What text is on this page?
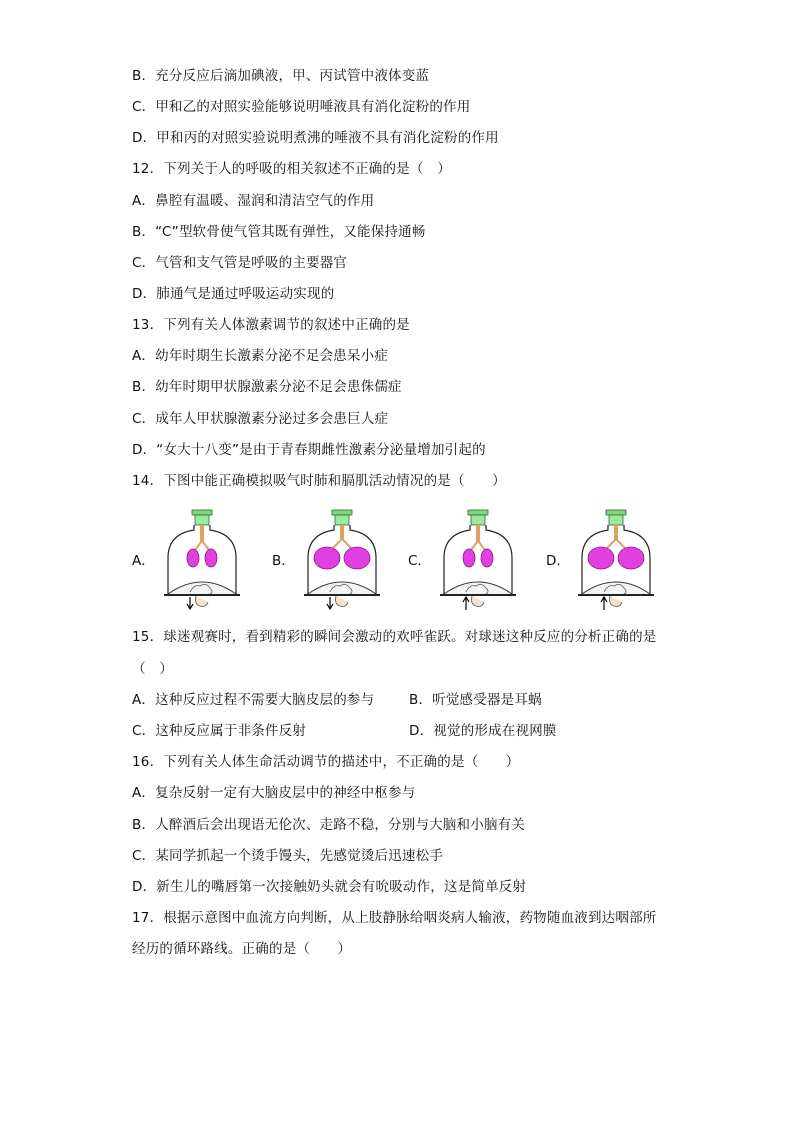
B．充分反应后滴加碘液，甲、丙试管中液体变蓝
C．甲和乙的对照实验能够说明唾液具有消化淀粉的作用
D．甲和丙的对照实验说明煮沸的唾液不具有消化淀粉的作用
12．下列关于人的呼吸的相关叙述不正确的是（　）
A．鼻腔有温暖、湿润和清洁空气的作用
B．“C”型软骨使气管其既有弹性，又能保持通畅
C．气管和支气管是呼吸的主要器官
D．肺通气是通过呼吸运动实现的
13．下列有关人体激素调节的叙述中正确的是
A．幼年时期生长激素分泌不足会患呆小症
B．幼年时期甲状腺激素分泌不足会患侏儒症
C．成年人甲状腺激素分泌过多会患巨人症
D．“女大十八变”是由于青春期雌性激素分泌量增加引起的
14．下图中能正确模拟吸气时肺和膈肌活动情况的是（　　）
A．	B．	C．	D．
15．球迷观赛时，看到精彩的瞬间会激动的欢呼雀跃。对球迷这种反应的分析正确的是
（　）
A．这种反应过程不需要大脑皮层的参与	B．听觉感受器是耳蜗
C．这种反应属于非条件反射	D．视觉的形成在视网膜
16．下列有关人体生命活动调节的描述中，不正确的是（　　）
A．复杂反射一定有大脑皮层中的神经中枢参与
B．人醉酒后会出现语无伦次、走路不稳，分别与大脑和小脑有关
C．某同学抓起一个烫手馒头，先感觉烫后迅速松手
D．新生儿的嘴唇第一次接触奶头就会有吮吸动作，这是简单反射
17．根据示意图中血流方向判断，从上肢静脉给咽炎病人输液，药物随血液到达咽部所
经历的循环路线。正确的是（　　）
